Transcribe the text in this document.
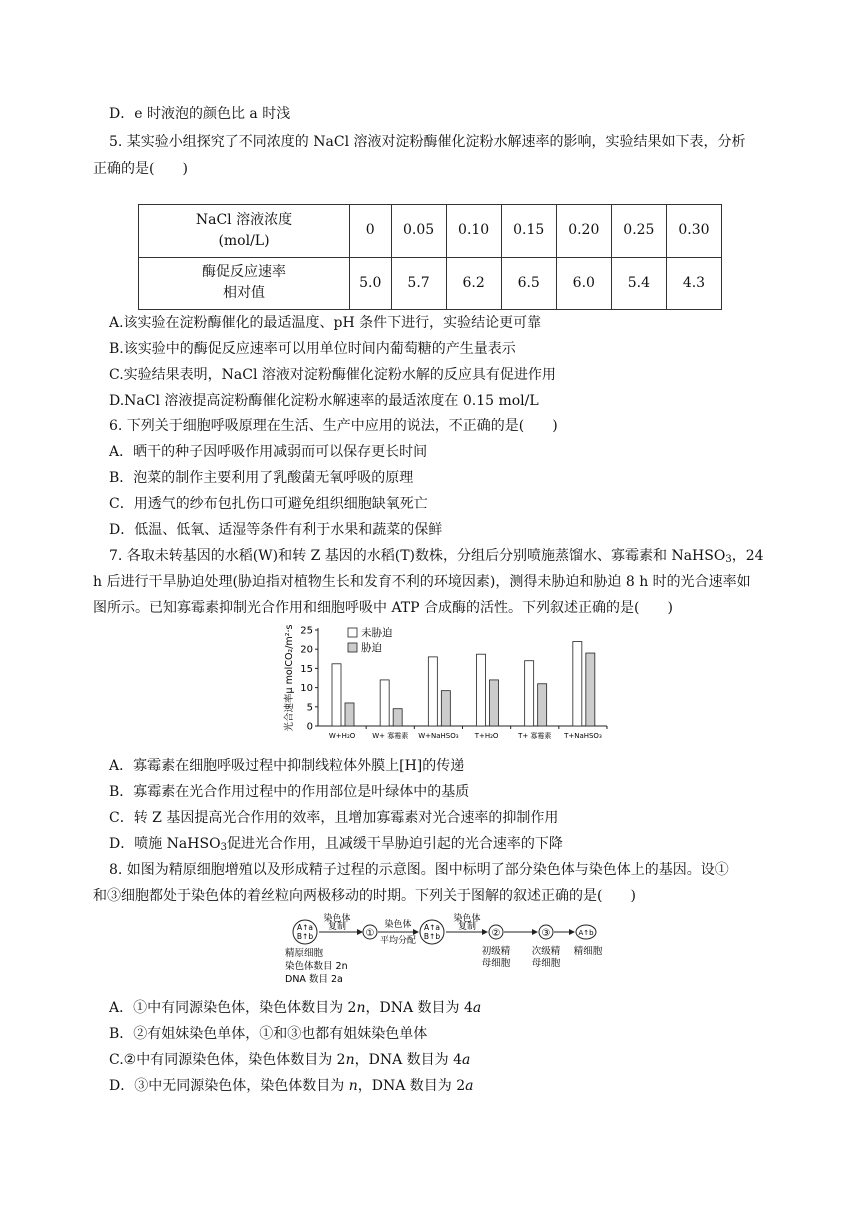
D．e 时液泡的颜色比 a 时浅
5. 某实验小组探究了不同浓度的 NaCl 溶液对淀粉酶催化淀粉水解速率的影响，实验结果如下表，分析
正确的是(　　)
NaCl 溶液浓度
(mol/L)	0	0.05	0.10	0.15	0.20	0.25	0.30

酶促反应速率
相对值	5.0	5.7	6.2	6.5	6.0	5.4	4.3
A.该实验在淀粉酶催化的最适温度、pH 条件下进行，实验结论更可靠
B.该实验中的酶促反应速率可以用单位时间内葡萄糖的产生量表示
C.实验结果表明，NaCl 溶液对淀粉酶催化淀粉水解的反应具有促进作用
D.NaCl 溶液提高淀粉酶催化淀粉水解速率的最适浓度在 0.15 mol/L
6. 下列关于细胞呼吸原理在生活、生产中应用的说法，不正确的是(　　)
A．晒干的种子因呼吸作用减弱而可以保存更长时间
B．泡菜的制作主要利用了乳酸菌无氧呼吸的原理
C．用透气的纱布包扎伤口可避免组织细胞缺氧死亡
D．低温、低氧、适湿等条件有利于水果和蔬菜的保鲜
7. 各取未转基因的水稻(W)和转 Z 基因的水稻(T)数株，分组后分别喷施蒸馏水、寡霉素和 NaHSO$_3$，24
h 后进行干旱胁迫处理(胁迫指对植物生长和发育不利的环境因素)，测得未胁迫和胁迫 8 h 时的光合速率如
图所示。已知寡霉素抑制光合作用和细胞呼吸中 ATP 合成酶的活性。下列叙述正确的是(　　)
光合速率μ molCO₂/m²·s 0
5
10
15
20
25
W+H₂O W+ 寡霉素 W+NaHSO₃ T+H₂O	T+ 寡霉素 T+NaHSO₃
未胁迫
胁迫
A．寡霉素在细胞呼吸过程中抑制线粒体外膜上[H]的传递
B．寡霉素在光合作用过程中的作用部位是叶绿体中的基质
C．转 Z 基因提高光合作用的效率，且增加寡霉素对光合速率的抑制作用
D．喷施 NaHSO$_3$促进光合作用，且减缓干旱胁迫引起的光合速率的下降
8. 如图为精原细胞增殖以及形成精子过程的示意图。图中标明了部分染色体与染色体上的基因。设①
和③细胞都处于染色体的着丝粒向两极移动的时期。下列关于图解的叙述正确的是(　　)
A↑a
B↑b
染色体
复制
①
染色体
平均分配
A↑a
B↑b
染色体
复制
②	③	A↑b
精原细胞
染色体数目 2n
DNA 数目 2a
初级精
母细胞
次级精
母细胞
精细胞
A．①中有同源染色体，染色体数目为 2n，DNA 数目为 4a
B．②有姐妹染色单体，①和③也都有姐妹染色单体
C.②中有同源染色体，染色体数目为 2n，DNA 数目为 4a
D．③中无同源染色体，染色体数目为 n，DNA 数目为 2a
